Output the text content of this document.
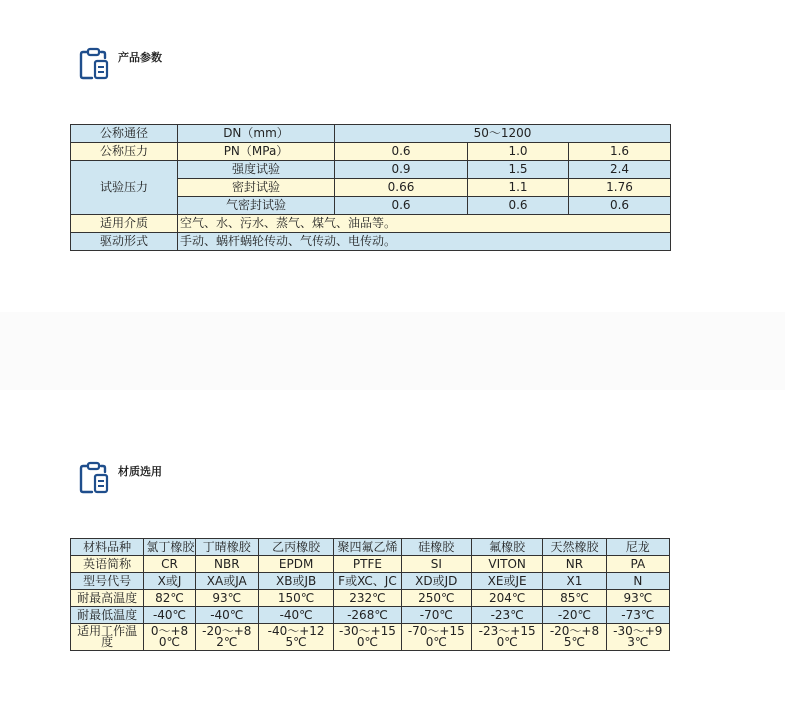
产品参数
公称通径	DN（mm）	50～1200		
公称压力	PN（MPa）	0.6	1.0	1.6
试验压力	强度试验	0.9	1.5	2.4
	密封试验	0.66	1.1	1.76
	气密封试验	0.6	0.6	0.6
适用介质	空气、水、污水、蒸气、煤气、油品等。			
驱动形式	手动、蜗杆蜗轮传动、气传动、电传动。			
材质选用
材料品种	氯丁橡胶	丁晴橡胶	乙丙橡胶	聚四氟乙烯	硅橡胶	氟橡胶	天然橡胶	尼龙
英语简称	CR	NBR	EPDM	PTFE	SI	VITON	NR	PA
型号代号	X或J	XA或JA	XB或JB	F或XC、JC	XD或JD	XE或JE	X1	N
耐最高温度	82℃	93℃	150℃	232℃	250℃	204℃	85℃	93℃
耐最低温度	-40℃	-40℃	-40℃	-268℃	-70℃	-23℃	-20℃	-73℃
适用工作温度	0～+80℃	-20～+82℃	-40～+125℃	-30～+150℃	-70～+150℃	-23～+150℃	-20～+85℃	-30～+93℃
